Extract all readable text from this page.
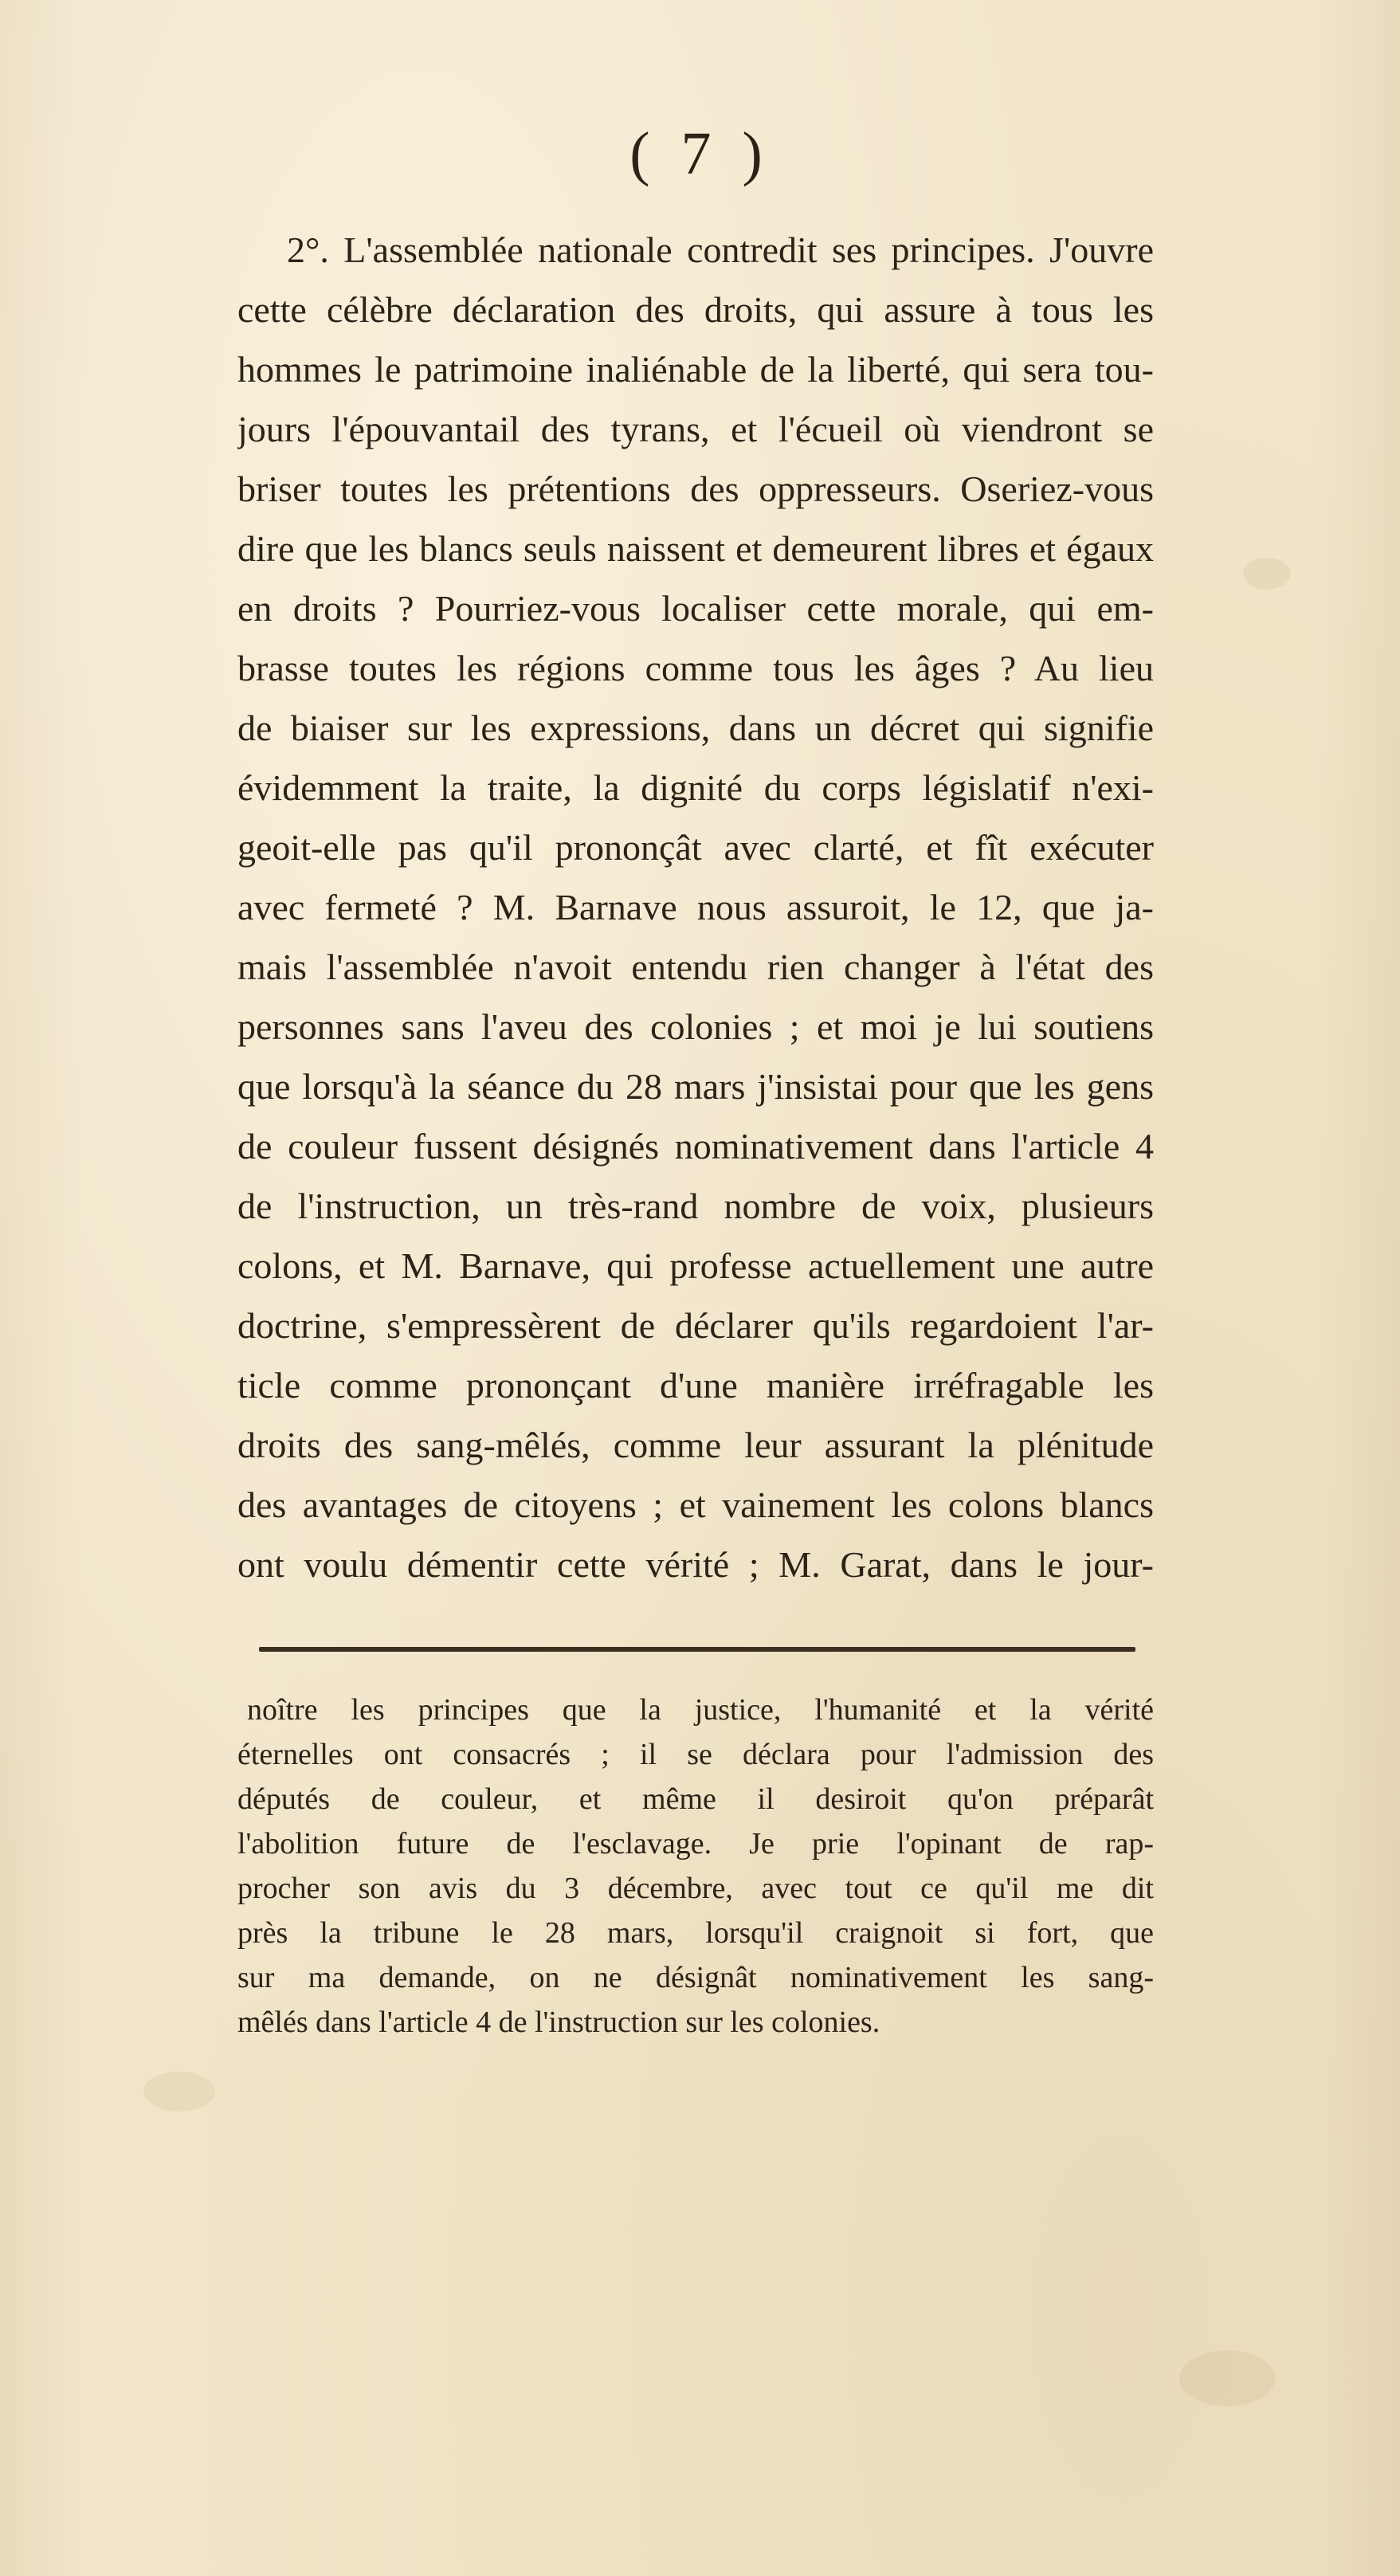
( 7 )
2°. L'assemblée nationale contredit ses principes. J'ouvre
cette célèbre déclaration des droits, qui assure à tous les
hommes le patrimoine inaliénable de la liberté, qui sera tou-
jours l'épouvantail des tyrans, et l'écueil où viendront se
briser toutes les prétentions des oppresseurs. Oseriez-vous
dire que les blancs seuls naissent et demeurent libres et égaux
en droits ? Pourriez-vous localiser cette morale, qui em-
brasse toutes les régions comme tous les âges ? Au lieu
de biaiser sur les expressions, dans un décret qui signifie
évidemment la traite, la dignité du corps législatif n'exi-
geoit-elle pas qu'il prononçât avec clarté, et fît exécuter
avec fermeté ? M. Barnave nous assuroit, le 12, que ja-
mais l'assemblée n'avoit entendu rien changer à l'état des
personnes sans l'aveu des colonies ; et moi je lui soutiens
que lorsqu'à la séance du 28 mars j'insistai pour que les gens
de couleur fussent désignés nominativement dans l'article 4
de l'instruction, un très-rand nombre de voix, plusieurs
colons, et M. Barnave, qui professe actuellement une autre
doctrine, s'empressèrent de déclarer qu'ils regardoient l'ar-
ticle comme prononçant d'une manière irréfragable les
droits des sang-mêlés, comme leur assurant la plénitude
des avantages de citoyens ; et vainement les colons blancs
ont voulu démentir cette vérité ; M. Garat, dans le jour-
noître les principes que la justice, l'humanité et la vérité
éternelles ont consacrés ; il se déclara pour l'admission des
députés de couleur, et même il desiroit qu'on préparât
l'abolition future de l'esclavage. Je prie l'opinant de rap-
procher son avis du 3 décembre, avec tout ce qu'il me dit
près la tribune le 28 mars, lorsqu'il craignoit si fort, que
sur ma demande, on ne désignât nominativement les sang-
mêlés dans l'article 4 de l'instruction sur les colonies.
